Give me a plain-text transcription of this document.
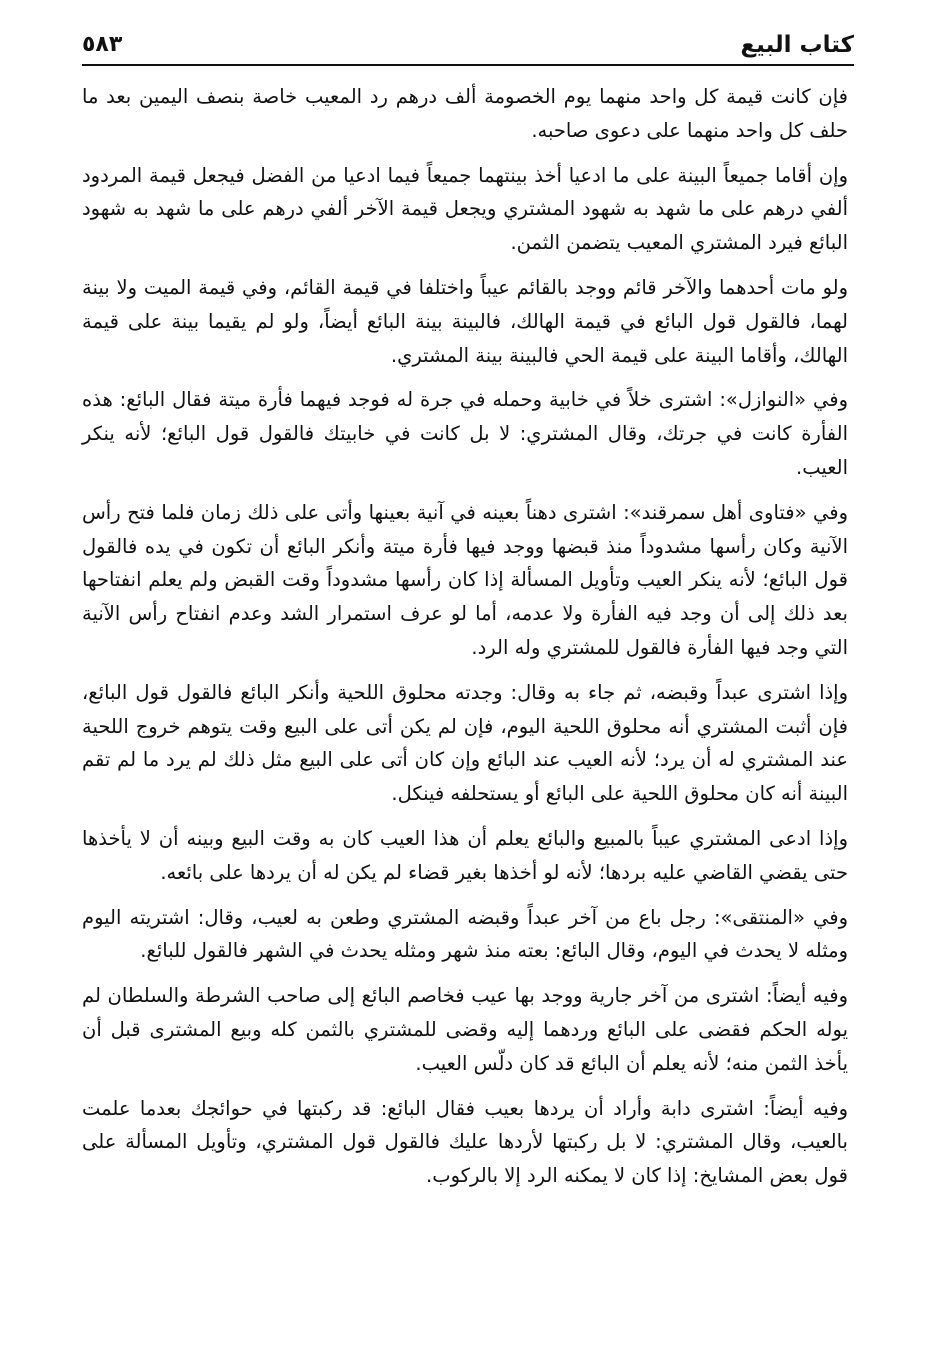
كتاب البيع
٥٨٣

فإن كانت قيمة كل واحد منهما يوم الخصومة ألف درهم رد المعيب خاصة بنصف اليمين بعد ما حلف كل واحد منهما على دعوى صاحبه.

وإن أقاما جميعاً البينة على ما ادعيا أخذ بينتهما جميعاً فيما ادعيا من الفضل فيجعل قيمة المردود ألفي درهم على ما شهد به شهود المشتري ويجعل قيمة الآخر ألفي درهم على ما شهد به شهود البائع فيرد المشتري المعيب يتضمن الثمن.

ولو مات أحدهما والآخر قائم ووجد بالقائم عيباً واختلفا في قيمة القائم، وفي قيمة الميت ولا بينة لهما، فالقول قول البائع في قيمة الهالك، فالبينة بينة البائع أيضاً، ولو لم يقيما بينة على قيمة الهالك، وأقاما البينة على قيمة الحي فالبينة بينة المشتري.

وفي «النوازل»: اشترى خلاً في خابية وحمله في جرة له فوجد فيهما فأرة ميتة فقال البائع: هذه الفأرة كانت في جرتك، وقال المشتري: لا بل كانت في خابيتك فالقول قول البائع؛ لأنه ينكر العيب.

وفي «فتاوى أهل سمرقند»: اشترى دهناً بعينه في آنية بعينها وأتى على ذلك زمان فلما فتح رأس الآنية وكان رأسها مشدوداً منذ قبضها ووجد فيها فأرة ميتة وأنكر البائع أن تكون في يده فالقول قول البائع؛ لأنه ينكر العيب وتأويل المسألة إذا كان رأسها مشدوداً وقت القبض ولم يعلم انفتاحها بعد ذلك إلى أن وجد فيه الفأرة ولا عدمه، أما لو عرف استمرار الشد وعدم انفتاح رأس الآنية التي وجد فيها الفأرة فالقول للمشتري وله الرد.

وإذا اشترى عبداً وقبضه، ثم جاء به وقال: وجدته محلوق اللحية وأنكر البائع فالقول قول البائع، فإن أثبت المشتري أنه محلوق اللحية اليوم، فإن لم يكن أتى على البيع وقت يتوهم خروج اللحية عند المشتري له أن يرد؛ لأنه العيب عند البائع وإن كان أتى على البيع مثل ذلك لم يرد ما لم تقم البينة أنه كان محلوق اللحية على البائع أو يستحلفه فينكل.

وإذا ادعى المشتري عيباً بالمبيع والبائع يعلم أن هذا العيب كان به وقت البيع وبينه أن لا يأخذها حتى يقضي القاضي عليه بردها؛ لأنه لو أخذها بغير قضاء لم يكن له أن يردها على بائعه.

وفي «المنتقى»: رجل باع من آخر عبداً وقبضه المشتري وطعن به لعيب، وقال: اشتريته اليوم ومثله لا يحدث في اليوم، وقال البائع: بعته منذ شهر ومثله يحدث في الشهر فالقول للبائع.

وفيه أيضاً: اشترى من آخر جارية ووجد بها عيب فخاصم البائع إلى صاحب الشرطة والسلطان لم يوله الحكم فقضى على البائع وردهما إليه وقضى للمشتري بالثمن كله وبيع المشترى قبل أن يأخذ الثمن منه؛ لأنه يعلم أن البائع قد كان دلّس العيب.

وفيه أيضاً: اشترى دابة وأراد أن يردها بعيب فقال البائع: قد ركبتها في حوائجك بعدما علمت بالعيب، وقال المشتري: لا بل ركبتها لأردها عليك فالقول قول المشتري، وتأويل المسألة على قول بعض المشايخ: إذا كان لا يمكنه الرد إلا بالركوب.
